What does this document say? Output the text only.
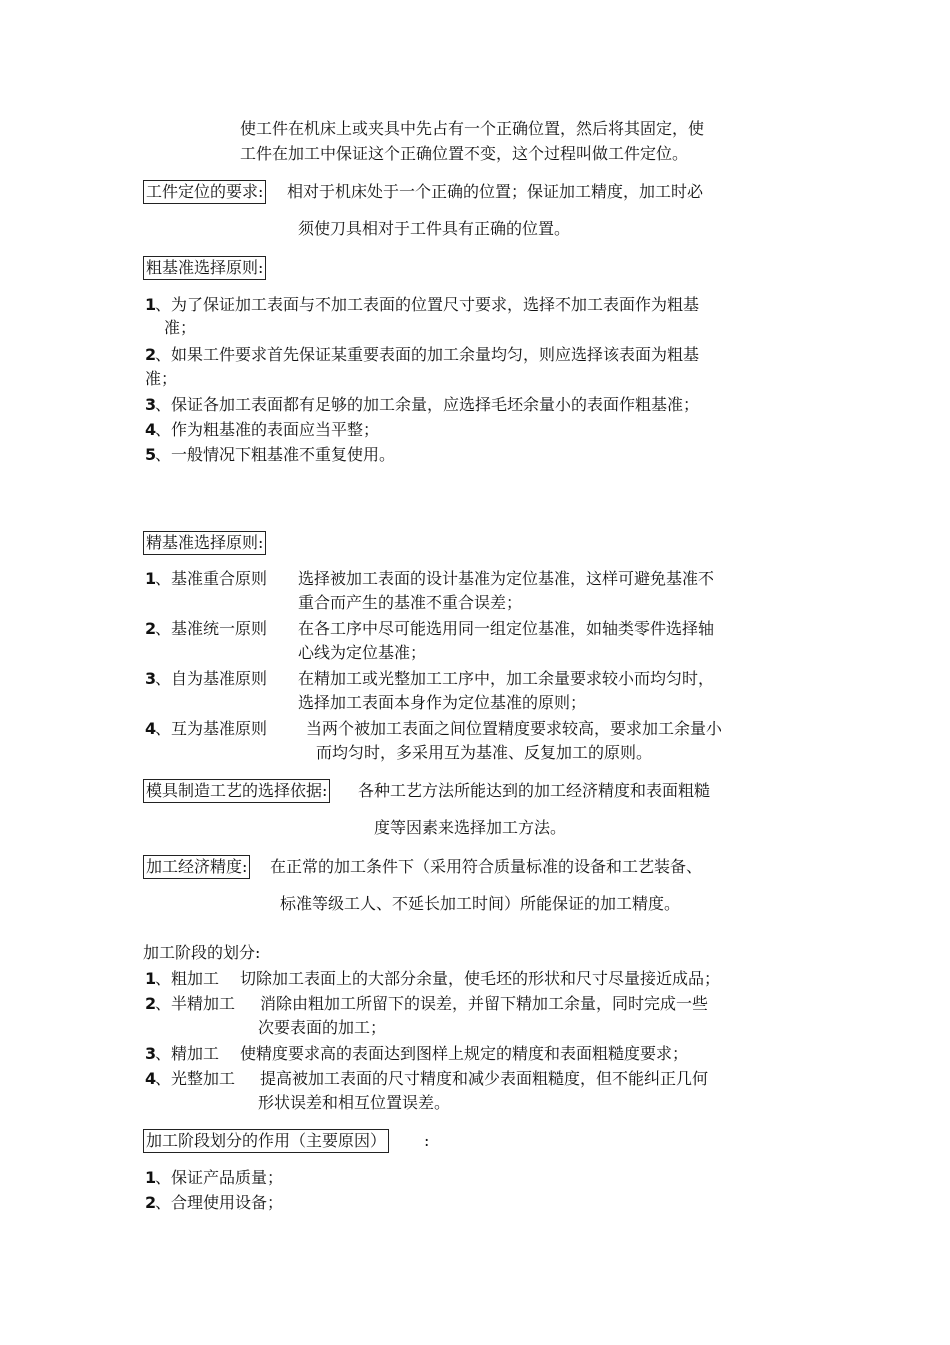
使工件在机床上或夹具中先占有一个正确位置，然后将其固定，使
工件在加工中保证这个正确位置不变，这个过程叫做工件定位。
工件定位的要求: 相对于机床处于一个正确的位置；保证加工精度，加工时必
须使刀具相对于工件具有正确的位置。
粗基准选择原则:
1
、为了保证加工表面与不加工表面的位置尺寸要求，选择不加工表面作为粗基
准；
2
、如果工件要求首先保证某重要表面的加工余量均匀，则应选择该表面为粗基
准；
3
、保证各加工表面都有足够的加工余量，应选择毛坯余量小的表面作粗基准；
4
、作为粗基准的表面应当平整；
5
、一般情况下粗基准不重复使用。
精基准选择原则:
1
、基准重合原则 选择被加工表面的设计基准为定位基准，这样可避免基准不
重合而产生的基准不重合误差；
2
、基准统一原则 在各工序中尽可能选用同一组定位基准，如轴类零件选择轴
心线为定位基准；
3
、自为基准原则 在精加工或光整加工工序中，加工余量要求较小而均匀时，
选择加工表面本身作为定位基准的原则；
4
、互为基准原则 当两个被加工表面之间位置精度要求较高，要求加工余量小
而均匀时，多采用互为基准、反复加工的原则。
模具制造工艺的选择依据: 各种工艺方法所能达到的加工经济精度和表面粗糙
度等因素来选择加工方法。
加工经济精度: 在正常的加工条件下（采用符合质量标准的设备和工艺装备、
标准等级工人、不延长加工时间）所能保证的加工精度。
加工阶段的划分:
1
、粗加工 切除加工表面上的大部分余量，使毛坯的形状和尺寸尽量接近成品；
2
、半精加工 消除由粗加工所留下的误差，并留下精加工余量，同时完成一些
次要表面的加工；
3
、精加工 使精度要求高的表面达到图样上规定的精度和表面粗糙度要求；
4
、光整加工 提高被加工表面的尺寸精度和减少表面粗糙度，但不能纠正几何
形状误差和相互位置误差。
加工阶段划分的作用（主要原因） :
1
、保证产品质量；
2
、合理使用设备；
